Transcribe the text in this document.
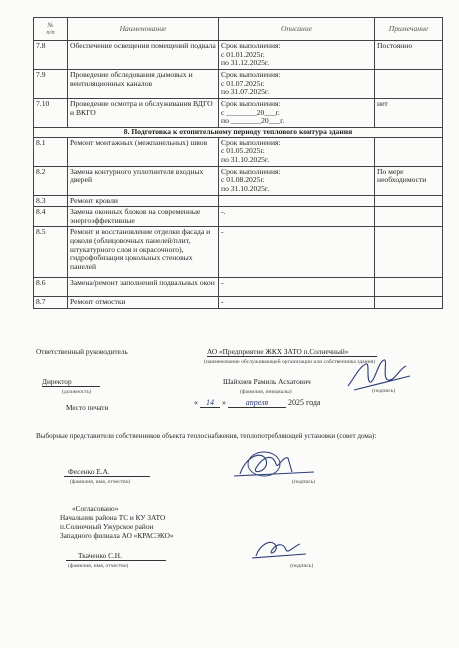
№
п/п	Наименование	Описание	Примечание
7.8	Обеспечение освещения помещений подвала	Срок выполнения:
с 01.01.2025г.
по 31.12.2025г.	Постоянно
7.9	Проведение обследования дымовых и вентиляционных каналов	Срок выполнения:
с 01.07.2025г.
по 31.07.2025г.	
7.10	Проведение осмотра и обслуживания ВДГО и ВКГО	Срок выполнения:
с ________20___г.
по ________20___г.	нет
8. Подготовка к отопительному периоду теплового контура здания			
8.1	Ремонт монтажных (межпанельных) швов	Срок выполнения:
с 01.05.2025г.
по 31.10.2025г.	
8.2	Замена контурного уплотнителя входных дверей	Срок выполнения:
с 01.08.2025г.
по 31.10.2025г.	По мере необходимости
8.3	Ремонт кровли		
8.4	Замена оконных блоков на современные энергоэффективные	-.	
8.5	Ремонт и восстановление отделки фасада и цоколя (облицовочных панелей/плит, штукатурного слоя и окрасочного), гидрофобизация цокольных стеновых панелей	-	
8.6	Замена/ремонт заполнений подвальных окон	-	
8.7	Ремонт отмостки	-	
Ответственный руководитель	АО «Предприятие ЖКХ ЗАТО п.Солнечный»
(наименование обслуживающей организации или собственника здания)
Директор
(должность)
Шайхиев Рамиль Асхатович
(фамилия, инициалы)	(подпись)
Место печати
« 14 » апреля 2025 года
Выборные представители собственников объекта теплоснабжения, теплопотребляющей установки (совет дома):
Фесенко Е.А.
(фамилия, имя, отчество)	(подпись)
«Согласовано»
Начальник района ТС и КУ ЗАТО
п.Солнечный Ужурское район
Западного филиала АО «КРАСЭКО»
Ткаченко С.Н.
(фамилия, имя, отчество)	(подпись)
